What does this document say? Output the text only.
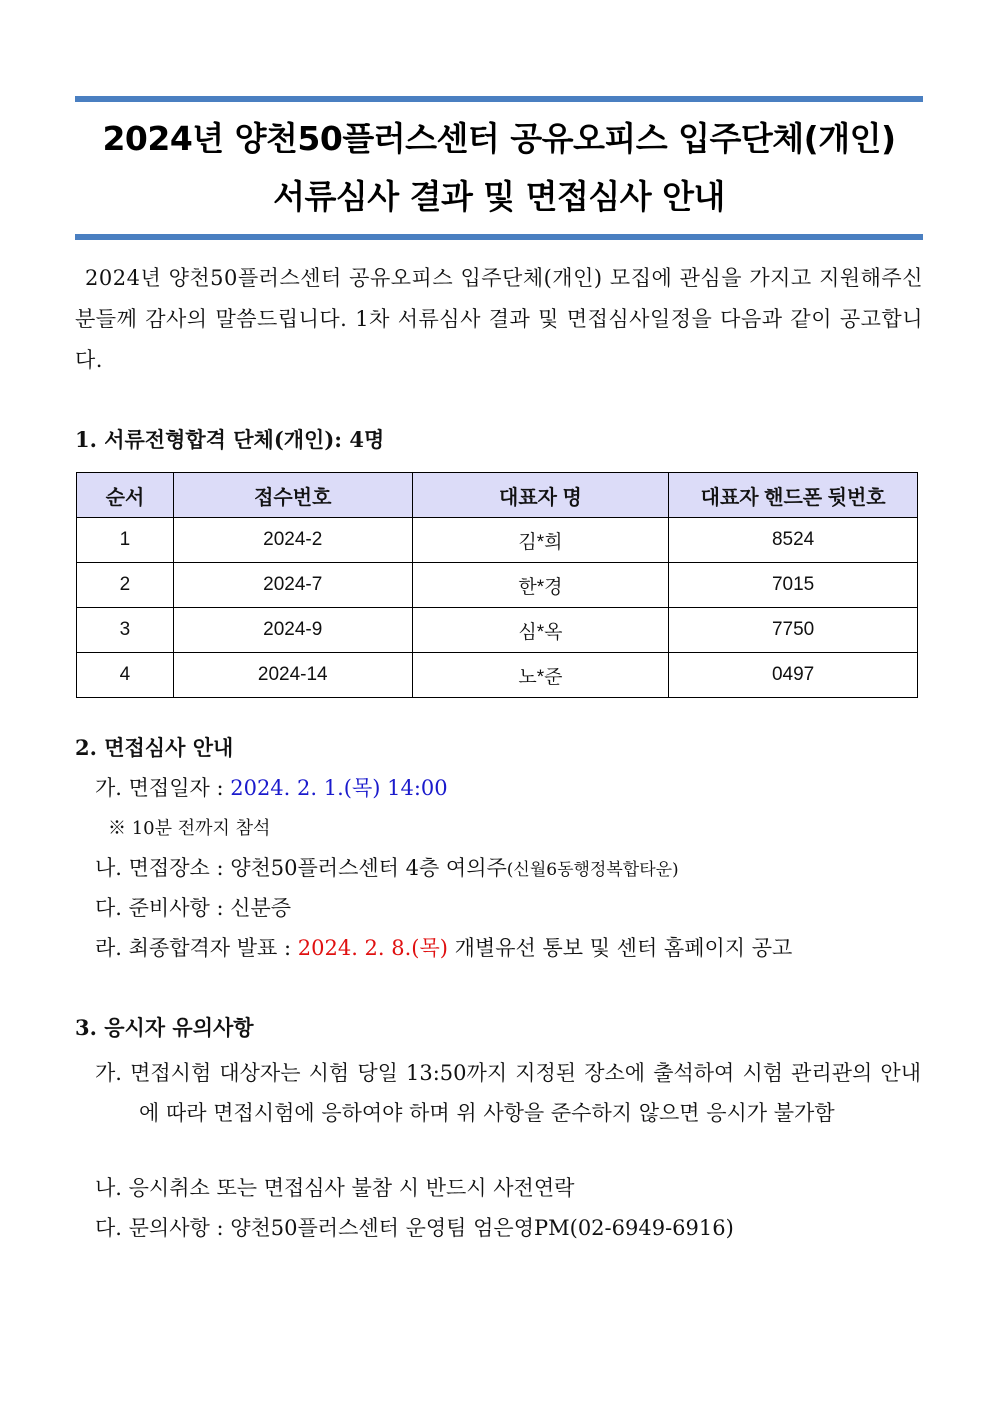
2024년 양천50플러스센터 공유오피스 입주단체(개인)
서류심사 결과 및 면접심사 안내

2024년 양천50플러스센터 공유오피스 입주단체(개인) 모집에 관심을 가지고 지원해주신 분들께 감사의 말씀드립니다. 1차 서류심사 결과 및 면접심사일정을 다음과 같이 공고합니다.

1. 서류전형합격 단체(개인): 4명
순서	접수번호	대표자 명	대표자 핸드폰 뒷번호
1	2024-2	김*희	8524
2	2024-7	한*경	7015
3	2024-9	심*옥	7750
4	2024-14	노*준	0497
2. 면접심사 안내
가. 면접일자 : 2024. 2. 1.(목) 14:00
※ 10분 전까지 참석
나. 면접장소 : 양천50플러스센터 4층 여의주(신월6동행정복합타운)
다. 준비사항 : 신분증
라. 최종합격자 발표 : 2024. 2. 8.(목) 개별유선 통보 및 센터 홈페이지 공고
3. 응시자 유의사항
가. 면접시험 대상자는 시험 당일 13:50까지 지정된 장소에 출석하여 시험 관리관의 안내에 따라 면접시험에 응하여야 하며 위 사항을 준수하지 않으면 응시가 불가함
나. 응시취소 또는 면접심사 불참 시 반드시 사전연락
다. 문의사항 : 양천50플러스센터 운영팀 엄은영PM(02-6949-6916)
